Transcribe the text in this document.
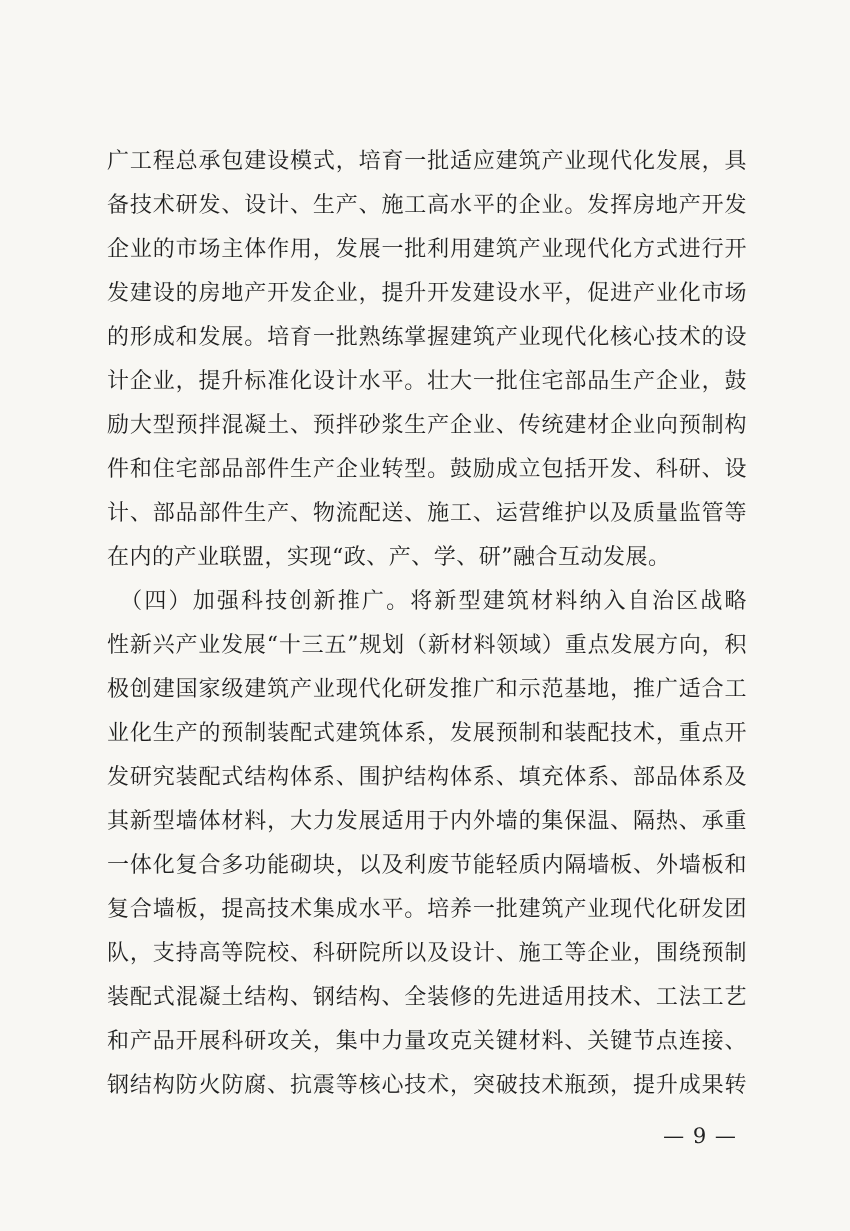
广工程总承包建设模式，培育一批适应建筑产业现代化发展，具
备技术研发、设计、生产、施工高水平的企业。发挥房地产开发
企业的市场主体作用，发展一批利用建筑产业现代化方式进行开
发建设的房地产开发企业，提升开发建设水平，促进产业化市场
的形成和发展。培育一批熟练掌握建筑产业现代化核心技术的设
计企业，提升标准化设计水平。壮大一批住宅部品生产企业，鼓
励大型预拌混凝土、预拌砂浆生产企业、传统建材企业向预制构
件和住宅部品部件生产企业转型。鼓励成立包括开发、科研、设
计、部品部件生产、物流配送、施工、运营维护以及质量监管等
在内的产业联盟，实现“政、产、学、研”融合互动发展。
　（四）加强科技创新推广。将新型建筑材料纳入自治区战略
性新兴产业发展“十三五”规划（新材料领域）重点发展方向，积
极创建国家级建筑产业现代化研发推广和示范基地，推广适合工
业化生产的预制装配式建筑体系，发展预制和装配技术，重点开
发研究装配式结构体系、围护结构体系、填充体系、部品体系及
其新型墙体材料，大力发展适用于内外墙的集保温、隔热、承重
一体化复合多功能砌块，以及利废节能轻质内隔墙板、外墙板和
复合墙板，提高技术集成水平。培养一批建筑产业现代化研发团
队，支持高等院校、科研院所以及设计、施工等企业，围绕预制
装配式混凝土结构、钢结构、全装修的先进适用技术、工法工艺
和产品开展科研攻关，集中力量攻克关键材料、关键节点连接、
钢结构防火防腐、抗震等核心技术，突破技术瓶颈，提升成果转
— 9 —
